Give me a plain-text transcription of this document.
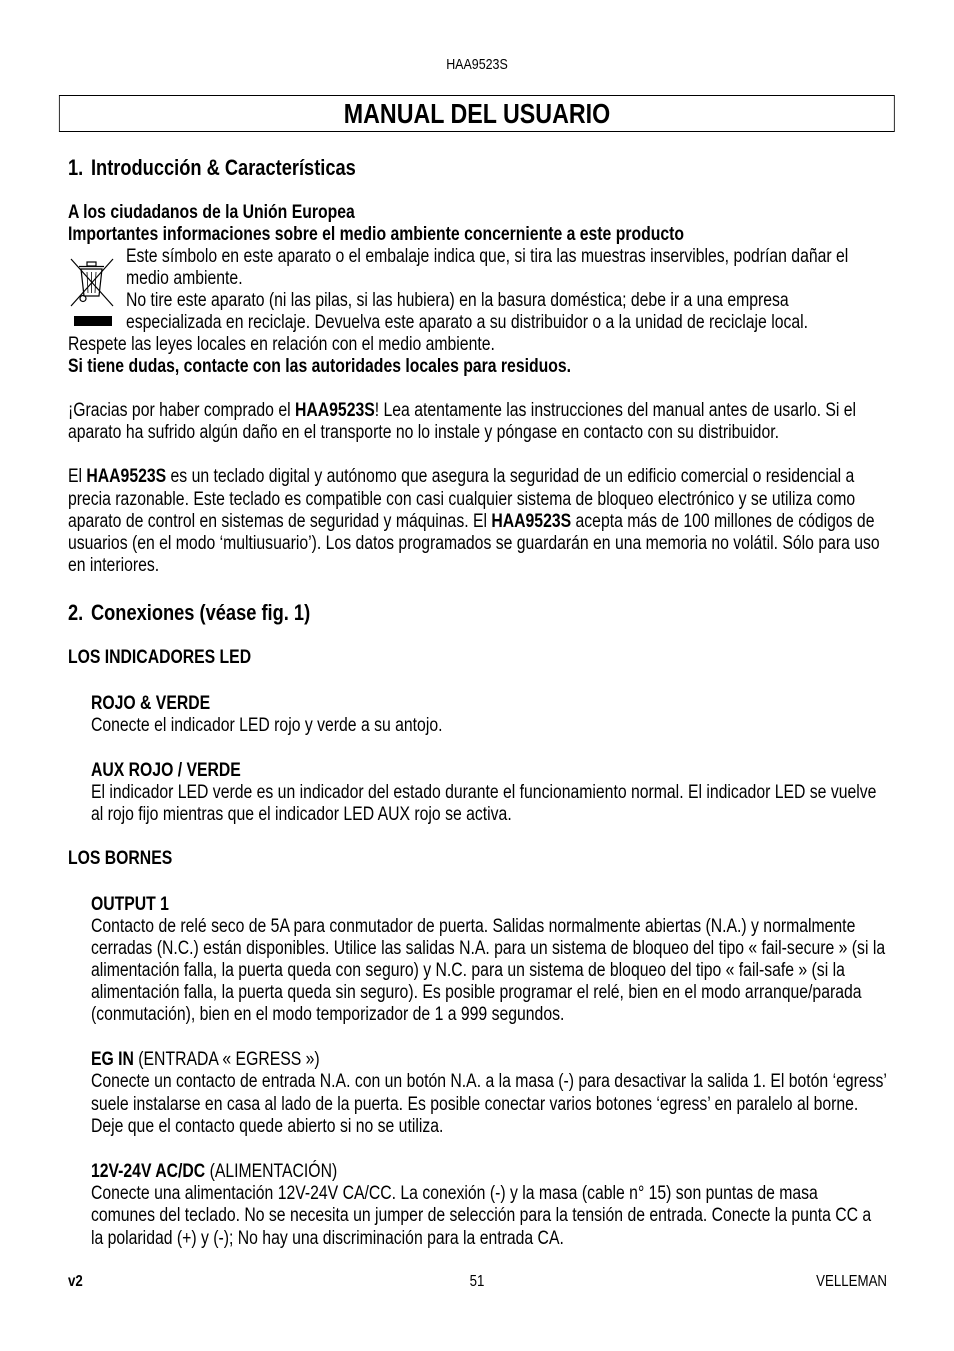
HAA9523S
MANUAL DEL USUARIO
1. Introducción & Características
A los ciudadanos de la Unión Europea
Importantes informaciones sobre el medio ambiente concerniente a este producto
Este símbolo en este aparato o el embalaje indica que, si tira las muestras inservibles, podrían dañar el
medio ambiente.
No tire este aparato (ni las pilas, si las hubiera) en la basura doméstica; debe ir a una empresa
especializada en reciclaje. Devuelva este aparato a su distribuidor o a la unidad de reciclaje local.
Respete las leyes locales en relación con el medio ambiente.
Si tiene dudas, contacte con las autoridades locales para residuos.
¡Gracias por haber comprado el HAA9523S! Lea atentamente las instrucciones del manual antes de usarlo. Si el
aparato ha sufrido algún daño en el transporte no lo instale y póngase en contacto con su distribuidor.
El HAA9523S es un teclado digital y autónomo que asegura la seguridad de un edificio comercial o residencial a
precia razonable. Este teclado es compatible con casi cualquier sistema de bloqueo electrónico y se utiliza como
aparato de control en sistemas de seguridad y máquinas. El HAA9523S acepta más de 100 millones de códigos de
usuarios (en el modo ‘multiusuario’). Los datos programados se guardarán en una memoria no volátil. Sólo para uso
en interiores.
2. Conexiones (véase fig. 1)
LOS INDICADORES LED
ROJO & VERDE
Conecte el indicador LED rojo y verde a su antojo.
AUX ROJO / VERDE
El indicador LED verde es un indicador del estado durante el funcionamiento normal. El indicador LED se vuelve
al rojo fijo mientras que el indicador LED AUX rojo se activa.
LOS BORNES
OUTPUT 1
Contacto de relé seco de 5A para conmutador de puerta. Salidas normalmente abiertas (N.A.) y normalmente
cerradas (N.C.) están disponibles. Utilice las salidas N.A. para un sistema de bloqueo del tipo « fail-secure » (si la
alimentación falla, la puerta queda con seguro) y N.C. para un sistema de bloqueo del tipo « fail-safe » (si la
alimentación falla, la puerta queda sin seguro). Es posible programar el relé, bien en el modo arranque/parada
(conmutación), bien en el modo temporizador de 1 a 999 segundos.
EG IN (ENTRADA « EGRESS »)
Conecte un contacto de entrada N.A. con un botón N.A. a la masa (-) para desactivar la salida 1. El botón ‘egress’
suele instalarse en casa al lado de la puerta. Es posible conectar varios botones ‘egress’ en paralelo al borne.
Deje que el contacto quede abierto si no se utiliza.
12V-24V AC/DC (ALIMENTACIÓN)
Conecte una alimentación 12V-24V CA/CC. La conexión (-) y la masa (cable n° 15) son puntas de masa
comunes del teclado. No se necesita un jumper de selección para la tensión de entrada. Conecte la punta CC a
la polaridad (+) y (-); No hay una discriminación para la entrada CA.
v2	51	VELLEMAN
